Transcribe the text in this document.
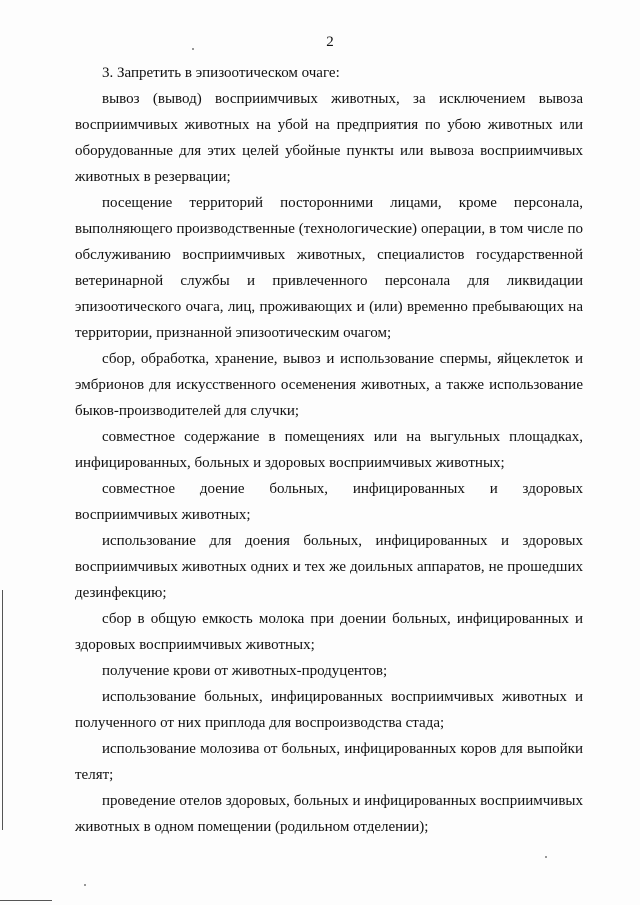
2

3. Запретить в эпизоотическом очаге:

вывоз (вывод) восприимчивых животных, за исключением вывоза восприимчивых животных на убой на предприятия по убою животных или оборудованные для этих целей убойные пункты или вывоза восприимчивых животных в резервации;

посещение территорий посторонними лицами, кроме персонала, выполняющего производственные (технологические) операции, в том числе по обслуживанию восприимчивых животных, специалистов государственной ветеринарной службы и привлеченного персонала для ликвидации эпизоотического очага, лиц, проживающих и (или) временно пребывающих на территории, признанной эпизоотическим очагом;

сбор, обработка, хранение, вывоз и использование спермы, яйцеклеток и эмбрионов для искусственного осеменения животных, а также использование быков-производителей для случки;

совместное содержание в помещениях или на выгульных площадках, инфицированных, больных и здоровых восприимчивых животных;

совместное доение больных, инфицированных и здоровых восприимчивых животных;

использование для доения больных, инфицированных и здоровых восприимчивых животных одних и тех же доильных аппаратов, не прошедших дезинфекцию;

сбор в общую емкость молока при доении больных, инфицированных и здоровых восприимчивых животных;

получение крови от животных-продуцентов;

использование больных, инфицированных восприимчивых животных и полученного от них приплода для воспроизводства стада;

использование молозива от больных, инфицированных коров для выпойки телят;

проведение отелов здоровых, больных и инфицированных восприимчивых животных в одном помещении (родильном отделении);
